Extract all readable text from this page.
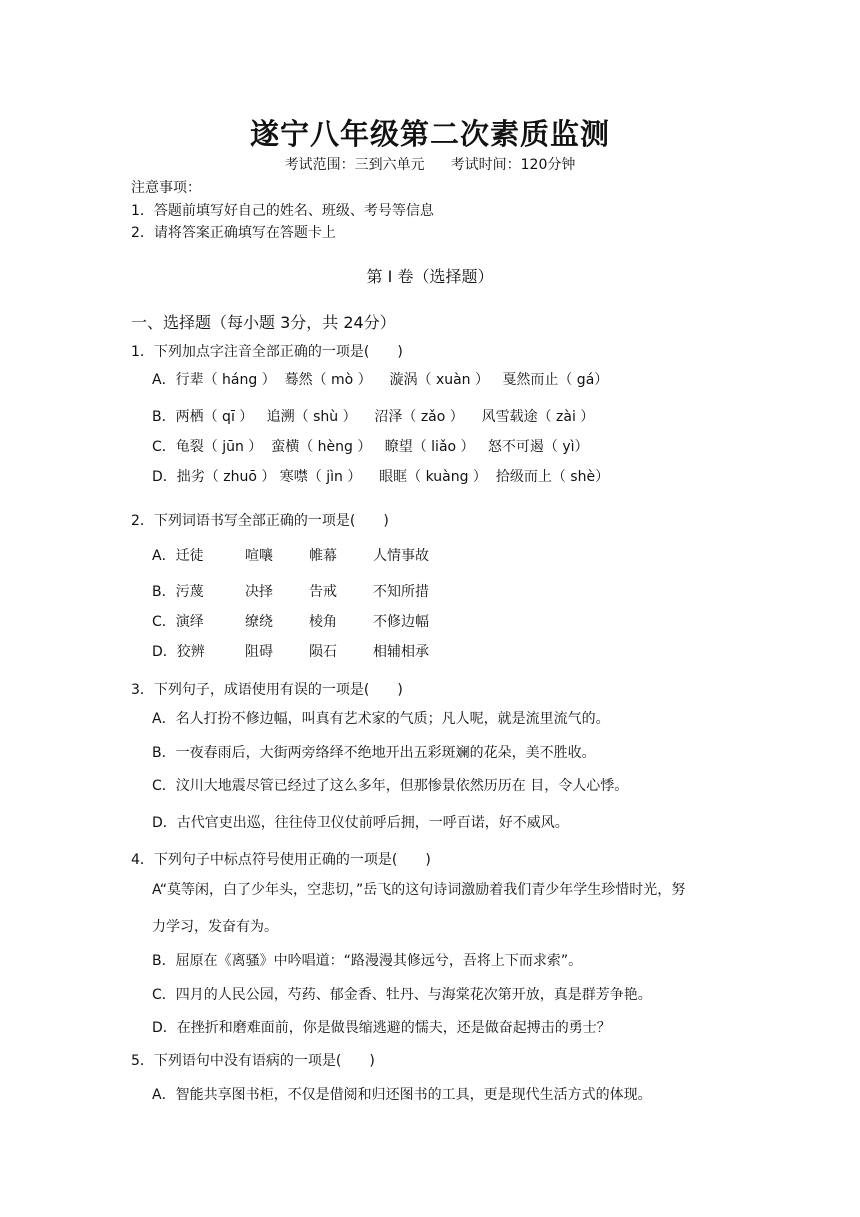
遂宁八年级第二次素质监测
考试范围：三到六单元 考试时间：120分钟
注意事项：
1．答题前填写好自己的姓名、班级、考号等信息
2．请将答案正确填写在答题卡上
第 I 卷（选择题）
一、选择题（每小题 3分，共 24分）
1．下列加点字注音全部正确的一项是(　　)
A．行辈（ háng ）  蓦然（ mò ）    漩涡（ xuàn ）   戛然而止（ gá）
B．两栖（ qī ）   追溯（ shù ）    沼泽（ zǎo ）    风雪载途（ zài ）
C．龟裂（ jūn ）  蛮横（ hèng ）   瞭望（ liǎo ）   怒不可遏（ yì）
D．拙劣（ zhuō ） 寒噤（ jìn ）    眼眶（ kuàng ）  拾级而上（ shè）
2．下列词语书写全部正确的一项是(　　)
A．迁徒	喧嚷	帷幕	人情事故
B．污蔑	决择	告戒	不知所措
C．演绎	缭绕	棱角	不修边幅
D．狡辨	阻碍	陨石	相辅相承
3．下列句子，成语使用有误的一项是(　　)
A．名人打扮不修边幅，叫真有艺术家的气质；凡人呢，就是流里流气的。
B．一夜春雨后，大街两旁络绎不绝地开出五彩斑斓的花朵，美不胜收。
C．汶川大地震尽管已经过了这么多年，但那惨景依然历历在 目，令人心悸。
D．古代官吏出巡，往往侍卫仪仗前呼后拥，一呼百诺，好不威风。
4．下列句子中标点符号使用正确的一项是(　　)
A“莫等闲，白了少年头，空悲切，”岳飞的这句诗词激励着我们青少年学生珍惜时光，努
力学习，发奋有为。
B．屈原在《离骚》中吟唱道：“路漫漫其修远兮，吾将上下而求索”。
C．四月的人民公园，芍药、郁金香、牡丹、与海棠花次第开放，真是群芳争艳。
D．在挫折和磨难面前，你是做畏缩逃避的懦夫，还是做奋起搏击的勇士？
5．下列语句中没有语病的一项是(　　)
A．智能共享图书柜，不仅是借阅和归还图书的工具，更是现代生活方式的体现。
